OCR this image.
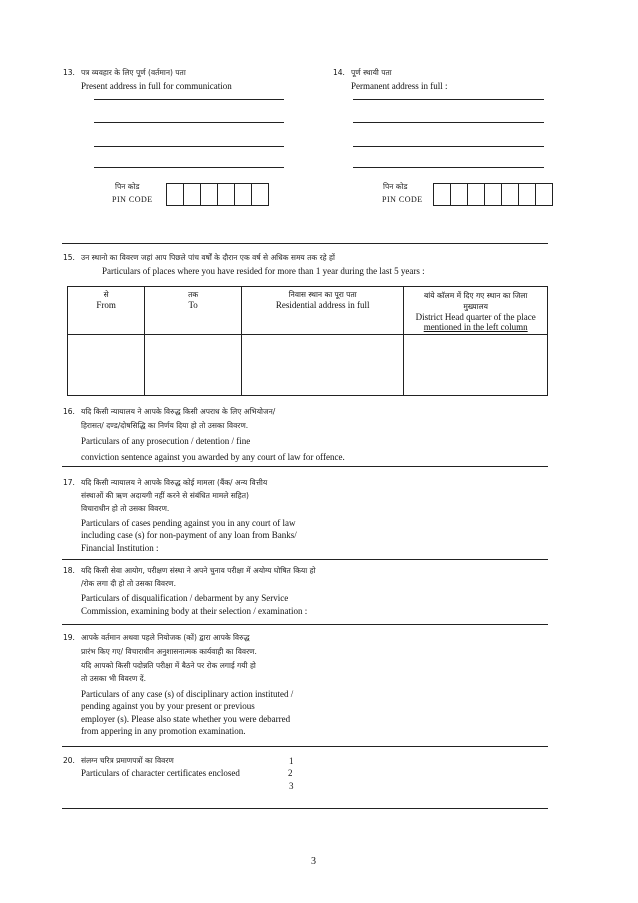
13. पत्र व्यवहार के लिए पूर्ण (वर्तमान) पता
Present address in full for communication
पिन कोड
PIN CODE
14. पूर्ण स्थायी पता
Permanent address in full :
पिन कोड
PIN CODE
15. उन स्थानो का विवरण जहां आप पिछले पांच वर्षों के दौरान एक वर्ष से अधिक समय तक रहे हों
Particulars of places where you have resided for more than 1 year during the last 5 years :
से
From	तक
To	निवास स्थान का पूरा पता
Residential address in full	बांये कॉलम में दिए गए स्थान का जिला मुख्यालय
District Head quarter of the place
mentioned in the left column

16. यदि किसी न्यायालय ने आपके विरुद्ध किसी अपराध के लिए अभियोजन/
हिरासत/ दण्ड/दोषसिद्धि का निर्णय दिया हो तो उसका विवरण.
Particulars of any prosecution / detention / fine
conviction sentence against you awarded by any court of law for offence.
17. यदि किसी न्यायालय ने आपके विरुद्ध कोई मामला (बैंक/ अन्य वित्तीय
संस्थाओं की ऋण अदायगी नहीं करने से संबंधित मामले सहित)
विचाराधीन हो तो उसका विवरण.
Particulars of cases pending against you in any court of law
including case (s) for non-payment of any loan from Banks/
Financial Institution :
18. यदि किसी सेवा आयोग, परीक्षण संस्था ने अपने चुनाव परीक्षा में अयोग्य घोषित किया हो
/रोक लगा दी हो तो उसका विवरण.
Particulars of disqualification / debarment by any Service
Commission, examining body at their selection / examination :
19. आपके वर्तमान अथवा पहले नियोजक (कों) द्वारा आपके विरुद्ध
प्रारंभ किए गए/ विचाराधीन अनुशासनात्मक कार्यवाही का विवरण.
यदि आपको किसी पदोन्नति परीक्षा में बैठने पर रोक लगाई गयी हो
तो उसका भी विवरण दें.
Particulars of any case (s) of disciplinary action instituted /
pending against you by your present or previous
employer (s). Please also state whether you were debarred
from appering in any promotion examination.
20. संलग्न चरित्र प्रमाणपत्रों का विवरण
Particulars of character certificates enclosed
1
2
3
3
